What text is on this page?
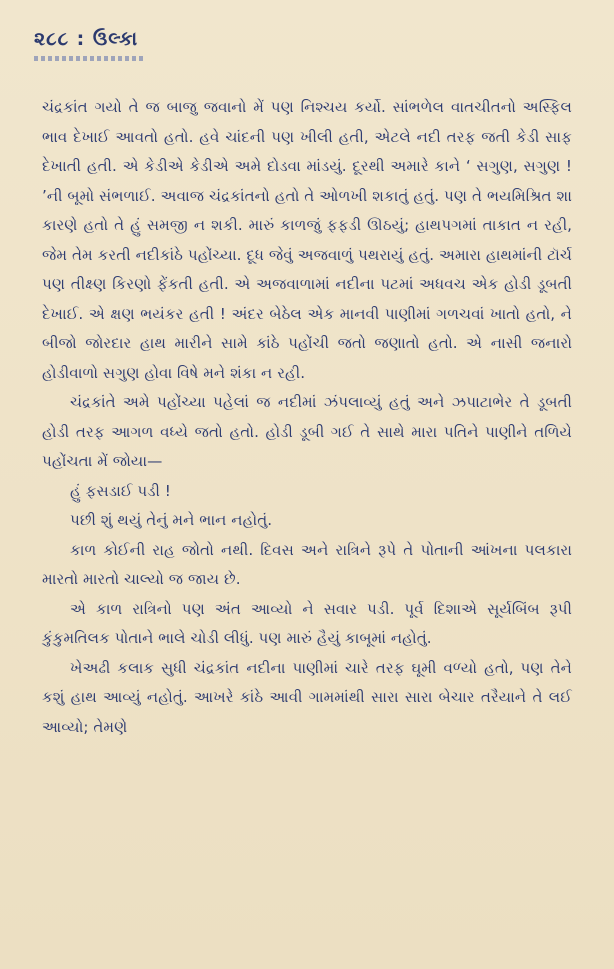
૨૮૮ : ઉલ્કા

ચંદ્રકાંત ગયો તે જ બાજુ જવાનો મેં પણ નિશ્ચય કર્યો. સાંભળેલ વાતચીતનો અસ્ફિલ ભાવ દેખાઈ આવતો હતો. હવે ચાંદની પણ ખીલી હતી, એટલે નદી તરફ જતી કેડી સાફ દેખાતી હતી. એ કેડીએ કેડીએ અમે દોડવા માંડયું. દૂરથી અમારે કાને ‘ સગુણ, સગુણ ! ’ની બૂમો સંભળાઈ. અવાજ ચંદ્રકાંતનો હતો તે ઓળખી શકાતું હતું. પણ તે ભયમિશ્રિત શા કારણે હતો તે હું સમજી ન શકી. મારું કાળજું ફફડી ઊઠયું; હાથપગમાં તાકાત ન રહી, જેમ તેમ કરતી નદીકાંઠે પહોંચ્યા. દૂધ જેવું અજવાળું પથરાયું હતું. અમારા હાથમાંની ટૉર્ચ પણ તીક્ષ્ણ કિરણો ફેંકતી હતી. એ અજવાળામાં નદીના પટમાં અધવચ એક હોડી ડૂબતી દેખાઈ. એ ક્ષણ ભયંકર હતી ! અંદર બેઠેલ એક માનવી પાણીમાં ગળચવાં ખાતો હતો, ને બીજો જોરદાર હાથ મારીને સામે કાંઠે પહોંચી જતો જણાતો હતો. એ નાસી જનારો હોડીવાળો સગુણ હોવા વિષે મને શંકા ન રહી.

ચંદ્રકાંતે અમે પહોંચ્યા પહેલાં જ નદીમાં ઝંપલાવ્યું હતું અને ઝપાટાભેર તે ડૂબતી હોડી તરફ આગળ વધ્યે જતો હતો. હોડી ડૂબી ગઈ તે સાથે મારા પતિને પાણીને તળિયે પહોંચતા મેં જોયા—

હું ફસડાઈ પડી !

પછી શું થયું તેનું મને ભાન નહોતું.

કાળ કોઈની રાહ જોતો નથી. દિવસ અને રાત્રિને રૂપે તે પોતાની આંખના પલકારા મારતો મારતો ચાલ્યો જ જાય છે.

એ કાળ રાત્રિનો પણ અંત આવ્યો ને સવાર પડી. પૂર્વ દિશાએ સૂર્યબિંબ રૂપી કુંકુમતિલક પોતાને ભાલે ચોડી લીધું. પણ મારું હૈયું કાબૂમાં નહોતું.

ખેઅઢી કલાક સુધી ચંદ્રકાંત નદીના પાણીમાં ચારે તરફ ઘૂમી વળ્યો હતો, પણ તેને કશું હાથ આવ્યું નહોતું. આખરે કાંઠે આવી ગામમાંથી સારા સારા બેચાર તરૈયાને તે લઈ આવ્યો; તેમણે
